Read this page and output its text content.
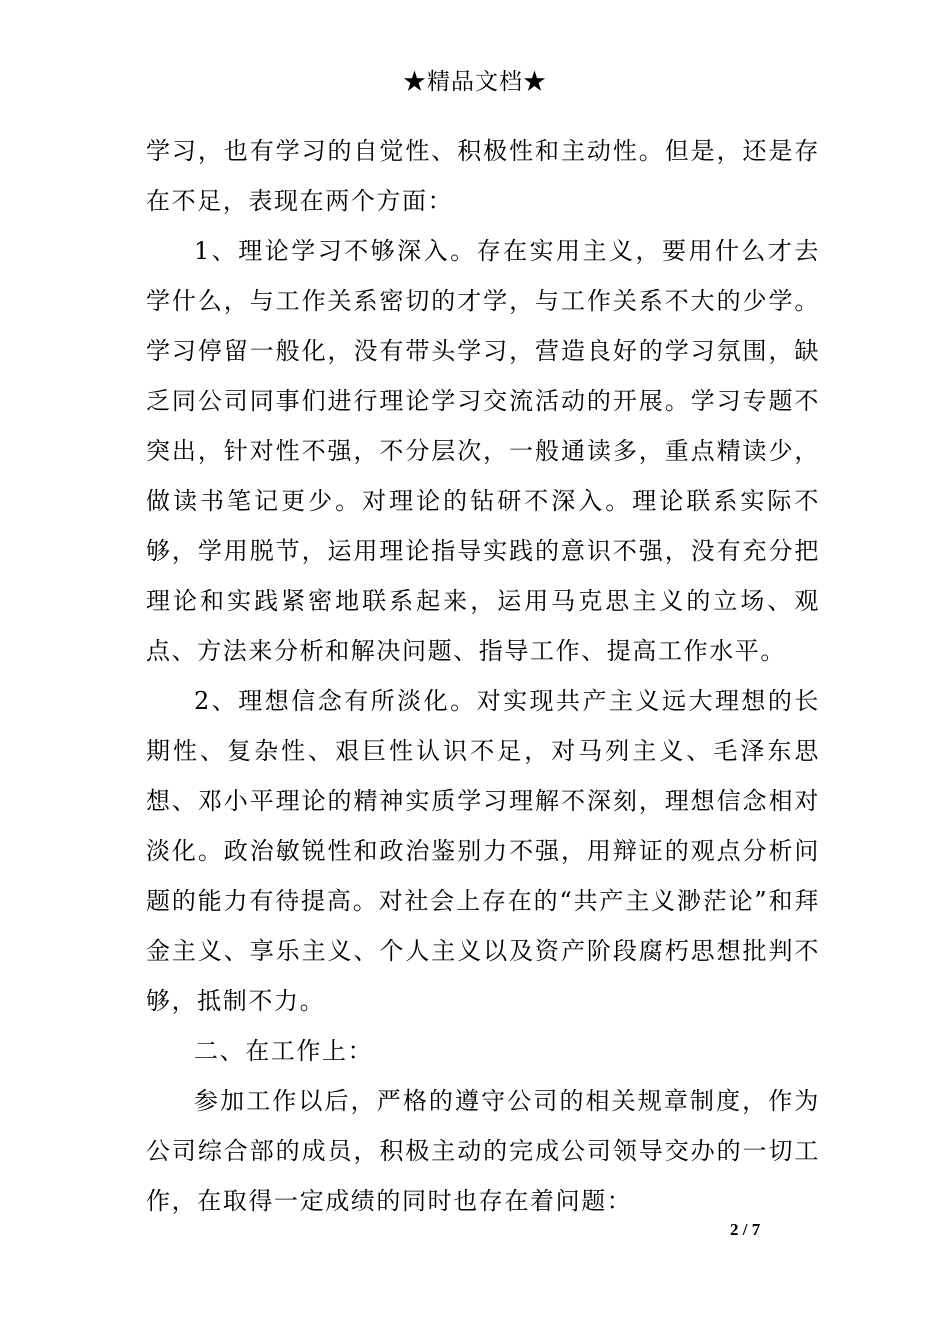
★精品文档★

学习，也有学习的自觉性、积极性和主动性。但是，还是存在不足，表现在两个方面：

1、理论学习不够深入。存在实用主义，要用什么才去学什么，与工作关系密切的才学，与工作关系不大的少学。学习停留一般化，没有带头学习，营造良好的学习氛围，缺乏同公司同事们进行理论学习交流活动的开展。学习专题不突出，针对性不强，不分层次，一般通读多，重点精读少，做读书笔记更少。对理论的钻研不深入。理论联系实际不够，学用脱节，运用理论指导实践的意识不强，没有充分把理论和实践紧密地联系起来，运用马克思主义的立场、观点、方法来分析和解决问题、指导工作、提高工作水平。

2、理想信念有所淡化。对实现共产主义远大理想的长期性、复杂性、艰巨性认识不足，对马列主义、毛泽东思想、邓小平理论的精神实质学习理解不深刻，理想信念相对淡化。政治敏锐性和政治鉴别力不强，用辩证的观点分析问题的能力有待提高。对社会上存在的“共产主义渺茫论”和拜金主义、享乐主义、个人主义以及资产阶段腐朽思想批判不够，抵制不力。

二、在工作上：

参加工作以后，严格的遵守公司的相关规章制度，作为公司综合部的成员，积极主动的完成公司领导交办的一切工作，在取得一定成绩的同时也存在着问题：

2 / 7
